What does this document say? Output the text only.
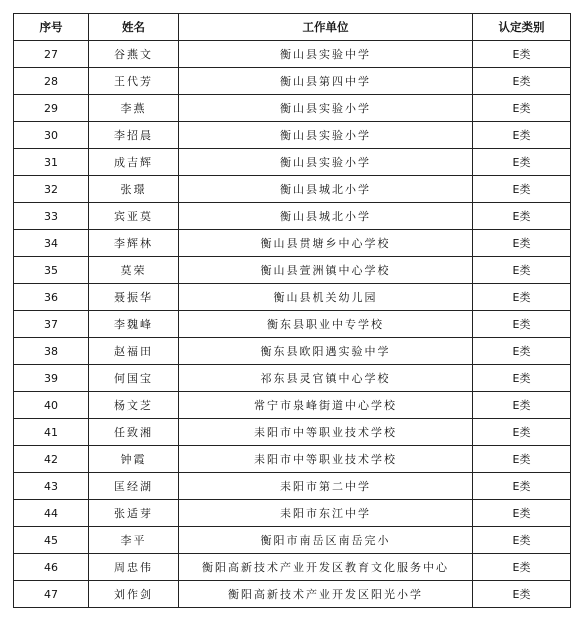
序号	姓名	工作单位	认定类别
27	谷燕文	衡山县实验中学	E类
28	王代芳	衡山县第四中学	E类
29	李燕	衡山县实验小学	E类
30	李招晨	衡山县实验小学	E类
31	成吉辉	衡山县实验小学	E类
32	张璟	衡山县城北小学	E类
33	宾亚莫	衡山县城北小学	E类
34	李辉林	衡山县贯塘乡中心学校	E类
35	莫荣	衡山县萱洲镇中心学校	E类
36	聂振华	衡山县机关幼儿园	E类
37	李魏峰	衡东县职业中专学校	E类
38	赵福田	衡东县欧阳遇实验中学	E类
39	何国宝	祁东县灵官镇中心学校	E类
40	杨文芝	常宁市泉峰街道中心学校	E类
41	任致湘	耒阳市中等职业技术学校	E类
42	钟霞	耒阳市中等职业技术学校	E类
43	匡经湖	耒阳市第二中学	E类
44	张适芽	耒阳市东江中学	E类
45	李平	衡阳市南岳区南岳完小	E类
46	周忠伟	衡阳高新技术产业开发区教育文化服务中心	E类
47	刘作剑	衡阳高新技术产业开发区阳光小学	E类
